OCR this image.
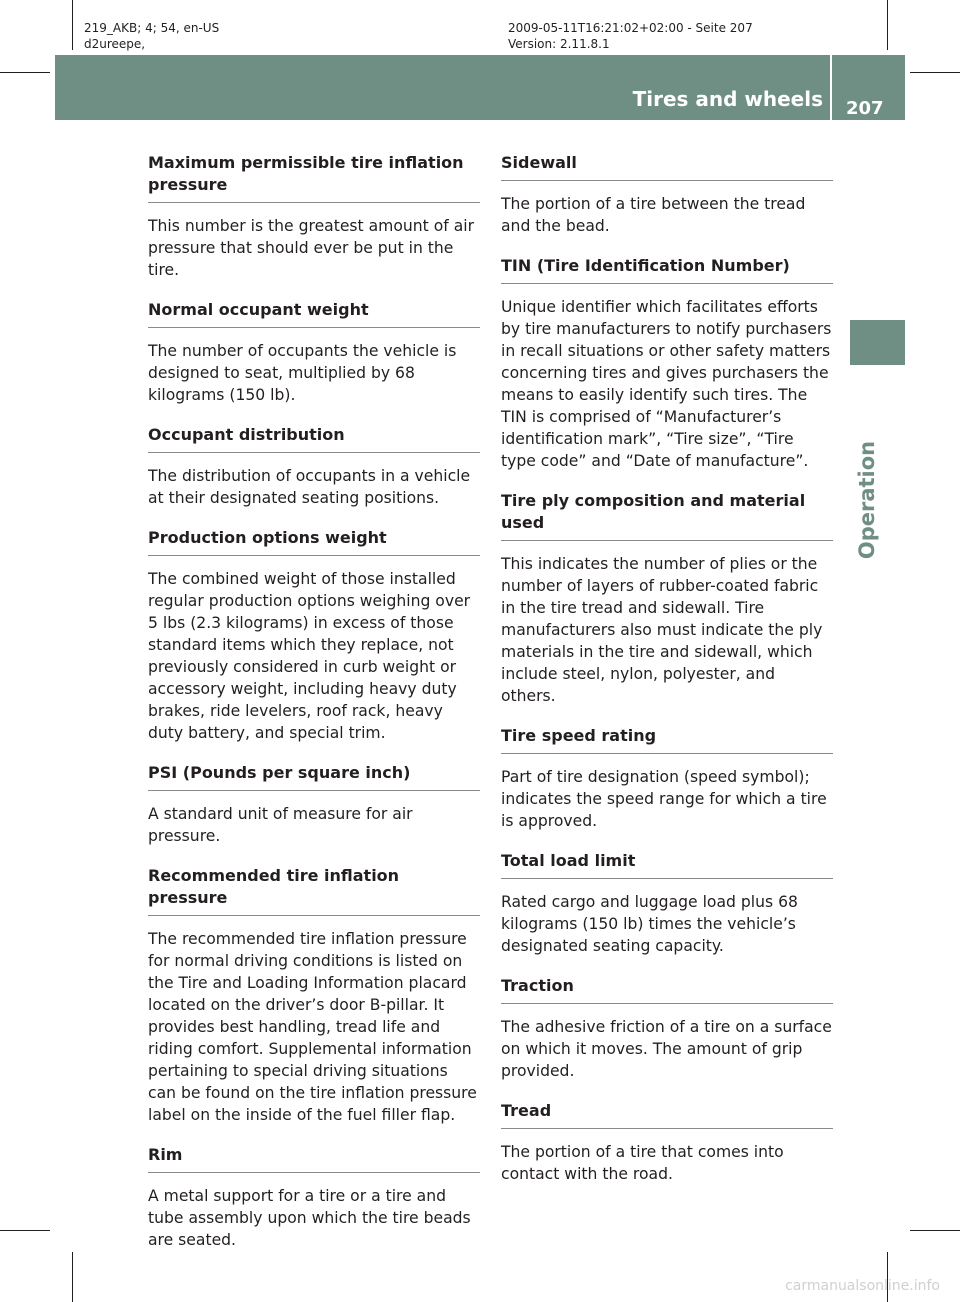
219_AKB; 4; 54, en-US
d2ureepe,
2009-05-11T16:21:02+02:00 - Seite 207
Version: 2.11.8.1
Tires and wheels 207
Operation
Maximum permissible tire inflation pressure

This number is the greatest amount of air pressure that should ever be put in the tire.

Normal occupant weight

The number of occupants the vehicle is designed to seat, multiplied by 68 kilograms (150 lb).

Occupant distribution

The distribution of occupants in a vehicle at their designated seating positions.

Production options weight

The combined weight of those installed regular production options weighing over 5 lbs (2.3 kilograms) in excess of those standard items which they replace, not previously considered in curb weight or accessory weight, including heavy duty brakes, ride levelers, roof rack, heavy duty battery, and special trim.

PSI (Pounds per square inch)

A standard unit of measure for air pressure.

Recommended tire inflation pressure

The recommended tire inflation pressure for normal driving conditions is listed on the Tire and Loading Information placard located on the driver’s door B-pillar. It provides best handling, tread life and riding comfort. Supplemental information pertaining to special driving situations can be found on the tire inflation pressure label on the inside of the fuel filler flap.

Rim

A metal support for a tire or a tire and tube assembly upon which the tire beads are seated.

Sidewall

The portion of a tire between the tread and the bead.

TIN (Tire Identification Number)

Unique identifier which facilitates efforts by tire manufacturers to notify purchasers in recall situations or other safety matters concerning tires and gives purchasers the means to easily identify such tires. The TIN is comprised of “Manufacturer’s identification mark”, “Tire size”, “Tire type code” and “Date of manufacture”.

Tire ply composition and material used

This indicates the number of plies or the number of layers of rubber-coated fabric in the tire tread and sidewall. Tire manufacturers also must indicate the ply materials in the tire and sidewall, which include steel, nylon, polyester, and others.

Tire speed rating

Part of tire designation (speed symbol); indicates the speed range for which a tire is approved.

Total load limit

Rated cargo and luggage load plus 68 kilograms (150 lb) times the vehicle’s designated seating capacity.

Traction

The adhesive friction of a tire on a surface on which it moves. The amount of grip provided.

Tread

The portion of a tire that comes into contact with the road.

carmanualsonline.info
